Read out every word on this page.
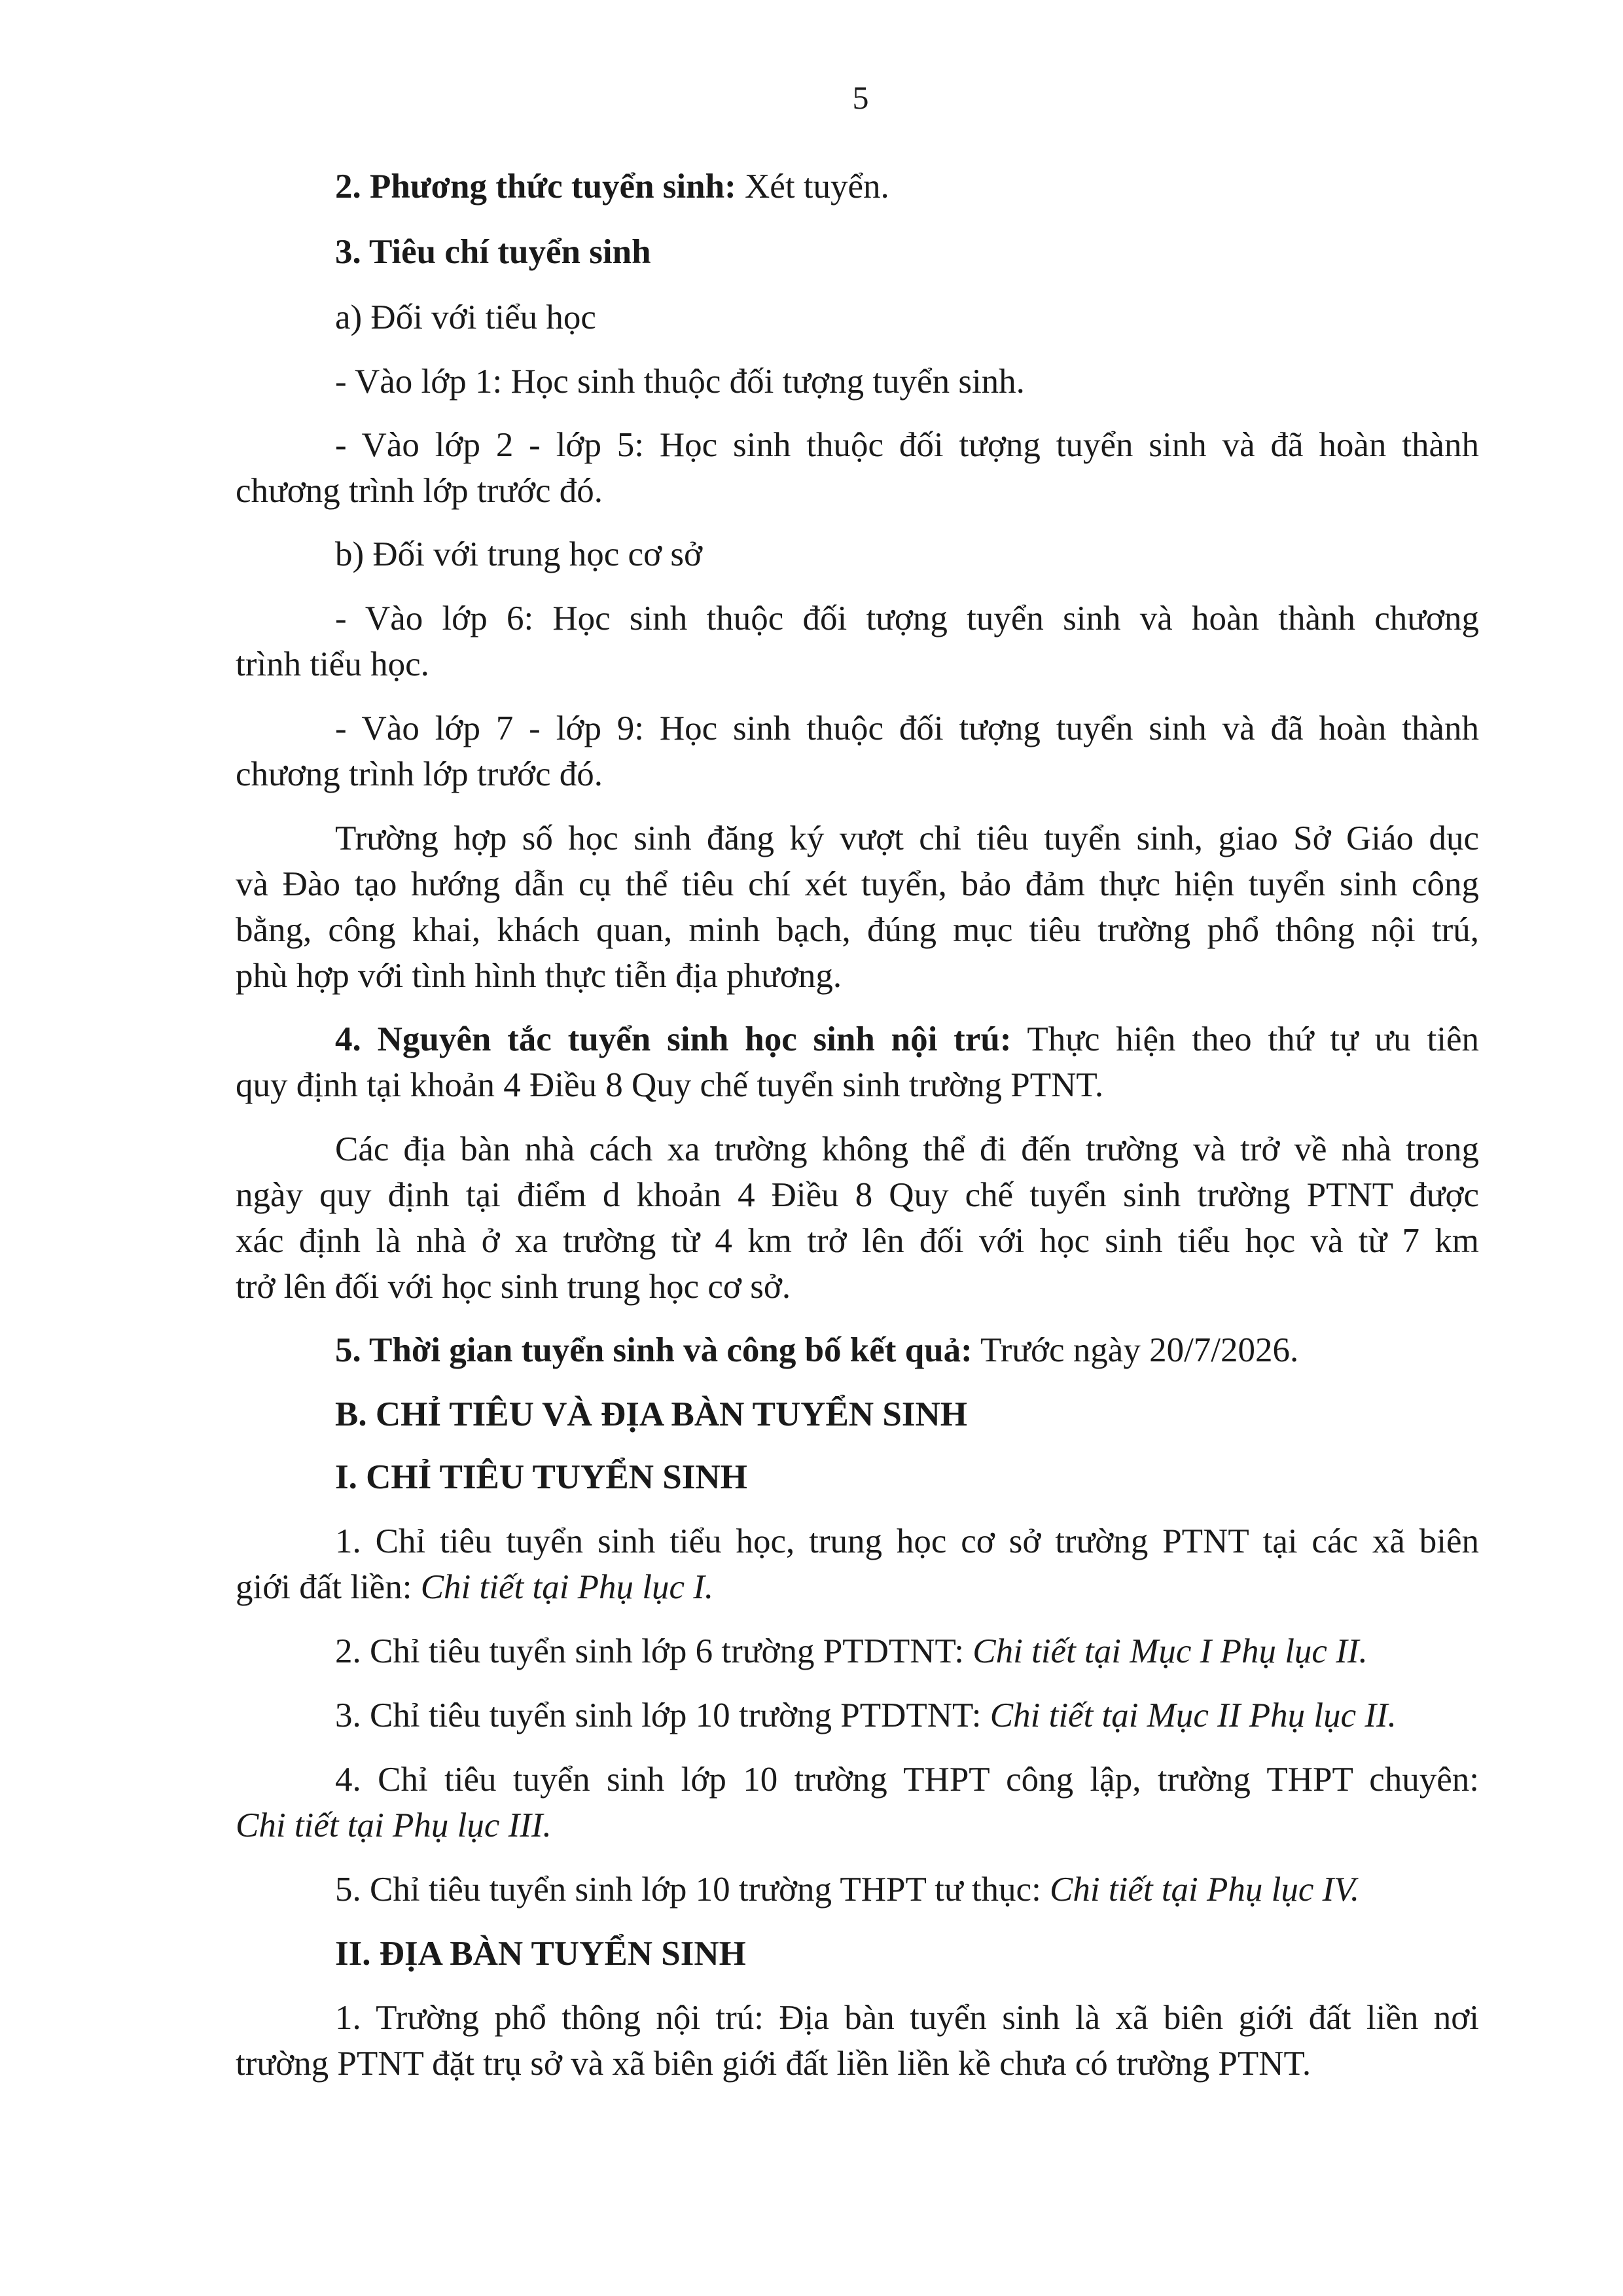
5
2. Phương thức tuyển sinh: Xét tuyển.
3. Tiêu chí tuyển sinh
a) Đối với tiểu học
- Vào lớp 1: Học sinh thuộc đối tượng tuyển sinh.
- Vào lớp 2 - lớp 5: Học sinh thuộc đối tượng tuyển sinh và đã hoàn thành
chương trình lớp trước đó.
b) Đối với trung học cơ sở
- Vào lớp 6: Học sinh thuộc đối tượng tuyển sinh và hoàn thành chương
trình tiểu học.
- Vào lớp 7 - lớp 9: Học sinh thuộc đối tượng tuyển sinh và đã hoàn thành
chương trình lớp trước đó.
Trường hợp số học sinh đăng ký vượt chỉ tiêu tuyển sinh, giao Sở Giáo dục
và Đào tạo hướng dẫn cụ thể tiêu chí xét tuyển, bảo đảm thực hiện tuyển sinh công
bằng, công khai, khách quan, minh bạch, đúng mục tiêu trường phổ thông nội trú,
phù hợp với tình hình thực tiễn địa phương.
4. Nguyên tắc tuyển sinh học sinh nội trú: Thực hiện theo thứ tự ưu tiên
quy định tại khoản 4 Điều 8 Quy chế tuyển sinh trường PTNT.
Các địa bàn nhà cách xa trường không thể đi đến trường và trở về nhà trong
ngày quy định tại điểm d khoản 4 Điều 8 Quy chế tuyển sinh trường PTNT được
xác định là nhà ở xa trường từ 4 km trở lên đối với học sinh tiểu học và từ 7 km
trở lên đối với học sinh trung học cơ sở.
5. Thời gian tuyển sinh và công bố kết quả: Trước ngày 20/7/2026.
B. CHỈ TIÊU VÀ ĐỊA BÀN TUYỂN SINH
I. CHỈ TIÊU TUYỂN SINH
1. Chỉ tiêu tuyển sinh tiểu học, trung học cơ sở trường PTNT tại các xã biên
giới đất liền: Chi tiết tại Phụ lục I.
2. Chỉ tiêu tuyển sinh lớp 6 trường PTDTNT: Chi tiết tại Mục I Phụ lục II.
3. Chỉ tiêu tuyển sinh lớp 10 trường PTDTNT: Chi tiết tại Mục II Phụ lục II.
4. Chỉ tiêu tuyển sinh lớp 10 trường THPT công lập, trường THPT chuyên:
Chi tiết tại Phụ lục III.
5. Chỉ tiêu tuyển sinh lớp 10 trường THPT tư thục: Chi tiết tại Phụ lục IV.
II. ĐỊA BÀN TUYỂN SINH
1. Trường phổ thông nội trú: Địa bàn tuyển sinh là xã biên giới đất liền nơi
trường PTNT đặt trụ sở và xã biên giới đất liền liền kề chưa có trường PTNT.
